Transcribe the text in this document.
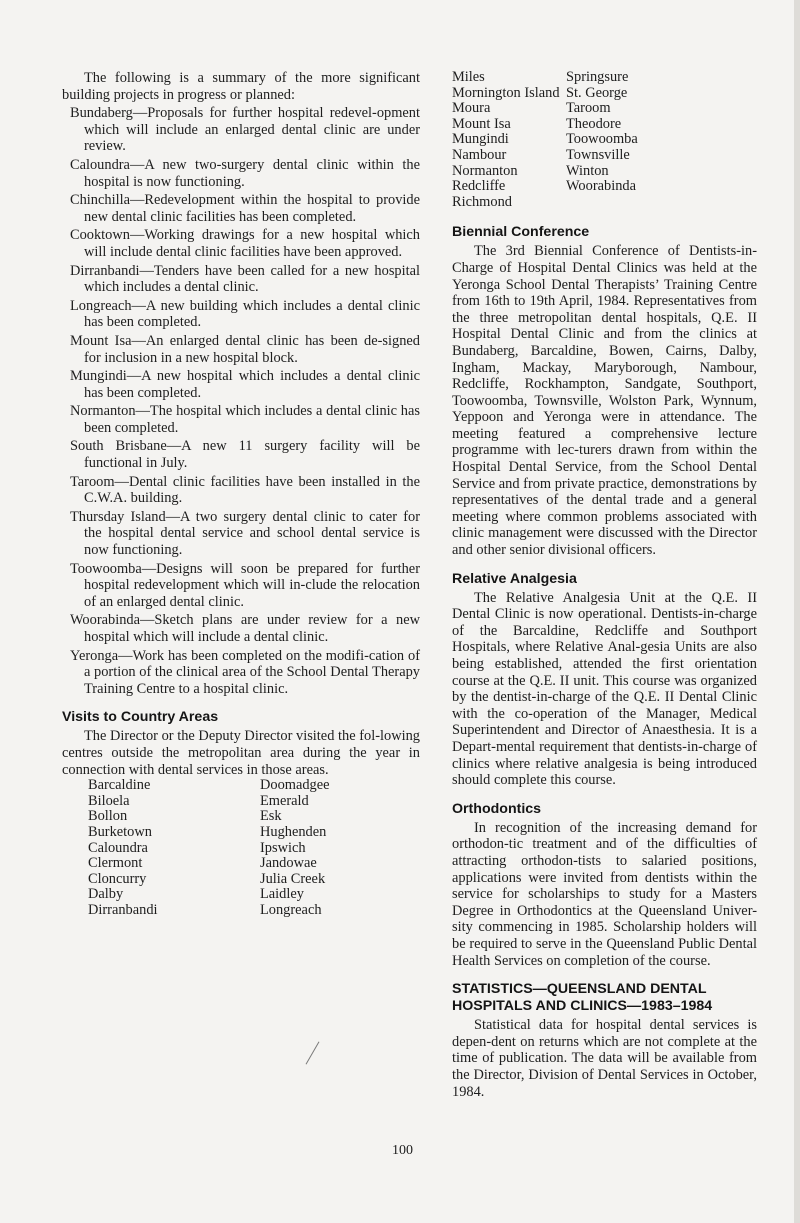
The following is a summary of the more significant building projects in progress or planned:

Bundaberg—Proposals for further hospital redevel-opment which will include an enlarged dental clinic are under review.

Caloundra—A new two-surgery dental clinic within the hospital is now functioning.

Chinchilla—Redevelopment within the hospital to provide new dental clinic facilities has been completed.

Cooktown—Working drawings for a new hospital which will include dental clinic facilities have been approved.

Dirranbandi—Tenders have been called for a new hospital which includes a dental clinic.

Longreach—A new building which includes a dental clinic has been completed.

Mount Isa—An enlarged dental clinic has been de-signed for inclusion in a new hospital block.

Mungindi—A new hospital which includes a dental clinic has been completed.

Normanton—The hospital which includes a dental clinic has been completed.

South Brisbane—A new 11 surgery facility will be functional in July.

Taroom—Dental clinic facilities have been installed in the C.W.A. building.

Thursday Island—A two surgery dental clinic to cater for the hospital dental service and school dental service is now functioning.

Toowoomba—Designs will soon be prepared for further hospital redevelopment which will in-clude the relocation of an enlarged dental clinic.

Woorabinda—Sketch plans are under review for a new hospital which will include a dental clinic.

Yeronga—Work has been completed on the modifi-cation of a portion of the clinical area of the School Dental Therapy Training Centre to a hospital clinic.

Visits to Country Areas

The Director or the Deputy Director visited the fol-lowing centres outside the metropolitan area during the year in connection with dental services in those areas.

Barcaldine
Biloela
Bollon
Burketown
Caloundra
Clermont
Cloncurry
Dalby
Dirranbandi
Doomadgee
Emerald
Esk
Hughenden
Ipswich
Jandowae
Julia Creek
Laidley
Longreach
Miles
Mornington Island
Moura
Mount Isa
Mungindi
Nambour
Normanton
Redcliffe
Richmond
Springsure
St. George
Taroom
Theodore
Toowoomba
Townsville
Winton
Woorabinda
Biennial Conference

The 3rd Biennial Conference of Dentists-in-Charge of Hospital Dental Clinics was held at the Yeronga School Dental Therapists’ Training Centre from 16th to 19th April, 1984. Representatives from the three metropolitan dental hospitals, Q.E. II Hospital Dental Clinic and from the clinics at Bundaberg, Barcaldine, Bowen, Cairns, Dalby, Ingham, Mackay, Maryborough, Nambour, Redcliffe, Rockhampton, Sandgate, Southport, Toowoomba, Townsville, Wolston Park, Wynnum, Yeppoon and Yeronga were in attendance. The meeting featured a comprehensive lecture programme with lec-turers drawn from within the Hospital Dental Service, from the School Dental Service and from private practice, demonstrations by representatives of the dental trade and a general meeting where common problems associated with clinic management were discussed with the Director and other senior divisional officers.

Relative Analgesia

The Relative Analgesia Unit at the Q.E. II Dental Clinic is now operational. Dentists-in-charge of the Barcaldine, Redcliffe and Southport Hospitals, where Relative Anal-gesia Units are also being established, attended the first orientation course at the Q.E. II unit. This course was organized by the dentist-in-charge of the Q.E. II Dental Clinic with the co-operation of the Manager, Medical Superintendent and Director of Anaesthesia. It is a Depart-mental requirement that dentists-in-charge of clinics where relative analgesia is being introduced should complete this course.

Orthodontics

In recognition of the increasing demand for orthodon-tic treatment and of the difficulties of attracting orthodon-tists to salaried positions, applications were invited from dentists within the service for scholarships to study for a Masters Degree in Orthodontics at the Queensland Univer-sity commencing in 1985. Scholarship holders will be required to serve in the Queensland Public Dental Health Services on completion of the course.

STATISTICS—QUEENSLAND DENTAL HOSPITALS AND CLINICS—1983–1984

Statistical data for hospital dental services is depen-dent on returns which are not complete at the time of publication. The data will be available from the Director, Division of Dental Services in October, 1984.

100
